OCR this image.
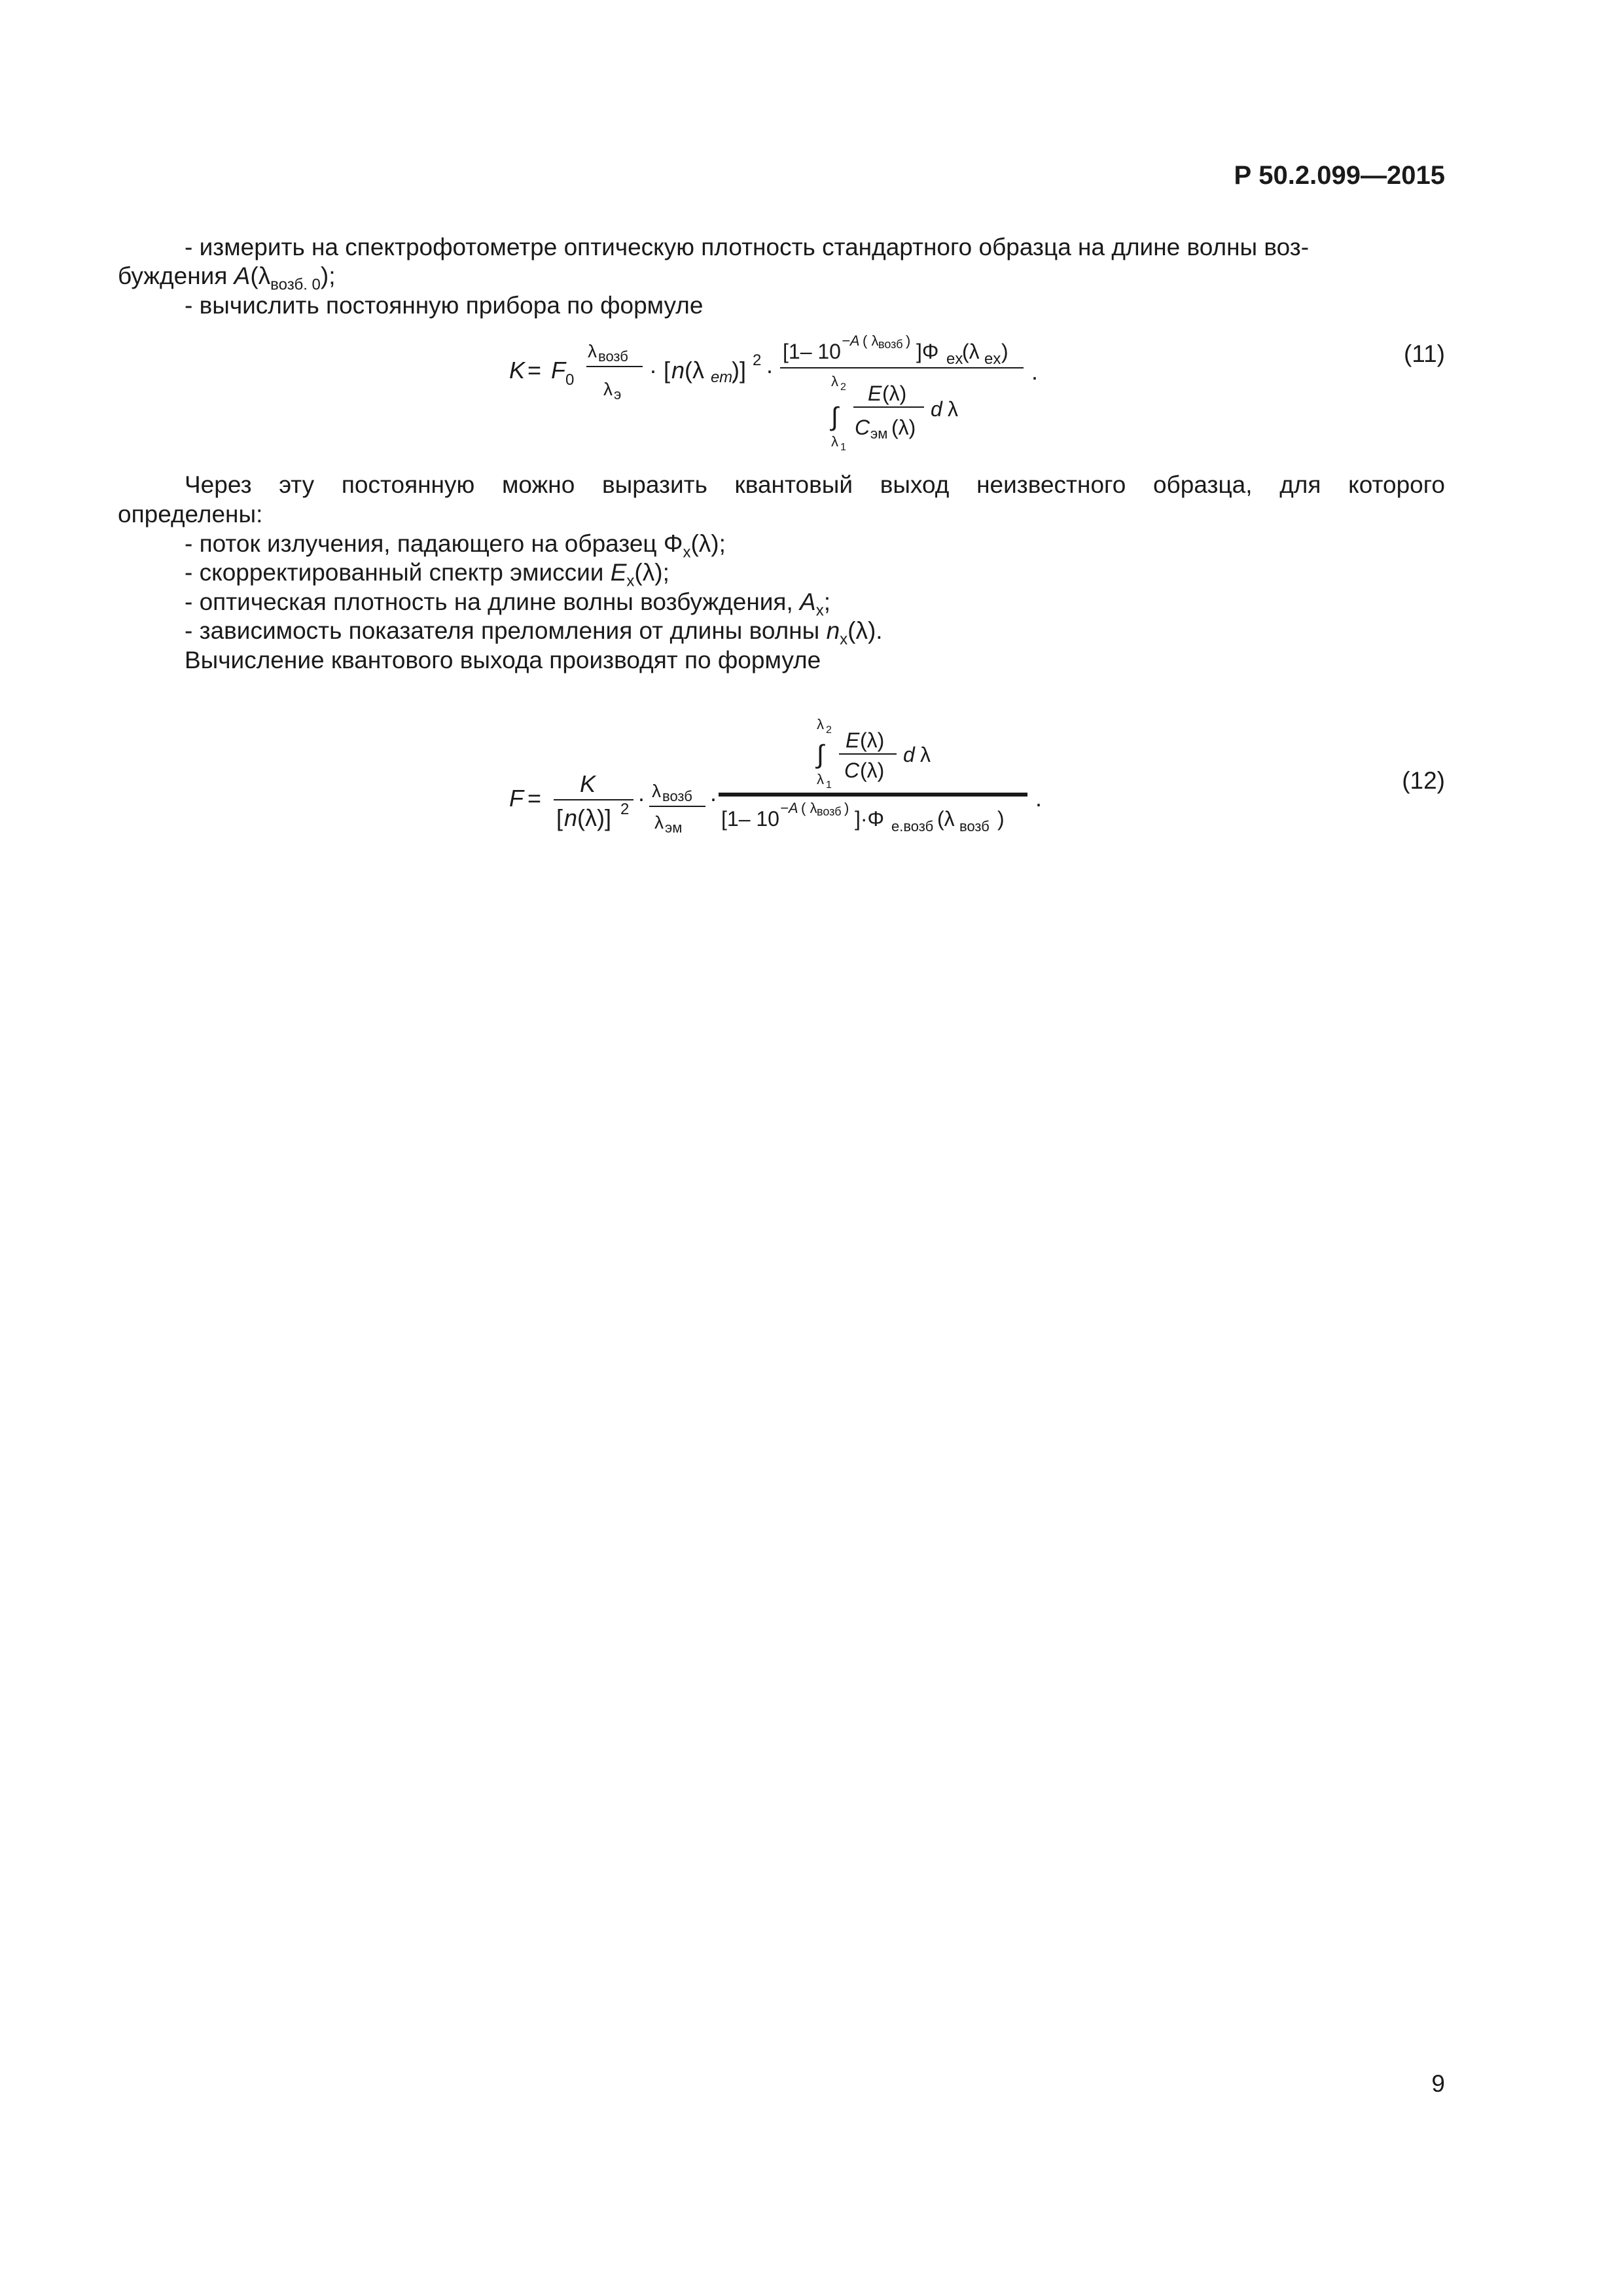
Р 50.2.099—2015
- измерить на спектрофотометре оптическую плотность стандартного образца на длине волны воз-
буждения $A(\lambda_{возб. 0})$;
- вычислить постоянную прибора по формуле
K = F 0
λ возб
λ э
· [ n (λ ет.
)] 2 ·
[1– 10 −A ( λ возб ) ]Φ ex
(λ ex )
.
λ 2
∫
λ 1
E (λ)
C эм (λ)
d λ
(11)
Через эту постоянную можно выразить квантовый выход неизвестного образца, для которого
определены:
- поток излучения, падающего на образец $\Phi_x(\lambda)$;
- скорректированный спектр эмиссии $E_x(\lambda)$;
- оптическая плотность на длине волны возбуждения, $A_x$;
- зависимость показателя преломления от длины волны $n_x(\lambda)$.
Вычисление квантового выхода производят по формуле
F =
K
[ n (λ)] 2 · λ возб
λ эм
·
λ 2
∫
λ 1
E (λ)
C (λ)
d λ
[1– 10 −A ( λ возб ) ]·Φ e.возб (λ возб )
.
(12)
9
